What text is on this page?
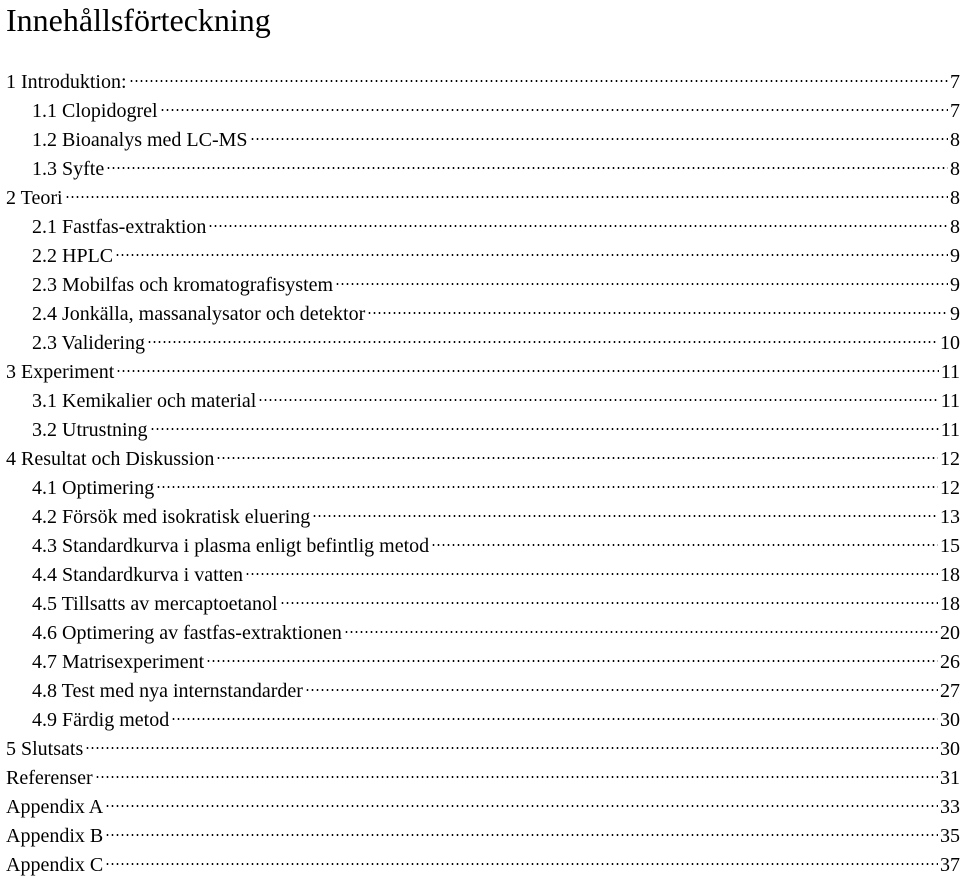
Innehållsförteckning
1 Introduktion:	7
1.1 Clopidogrel	7
1.2 Bioanalys med LC-MS	8
1.3 Syfte	8
2 Teori	8
2.1 Fastfas-extraktion	8
2.2 HPLC	9
2.3 Mobilfas och kromatografisystem	9
2.4 Jonkälla, massanalysator och detektor	9
2.3 Validering	10
3 Experiment	11
3.1 Kemikalier och material	11
3.2 Utrustning	11
4 Resultat och Diskussion	12
4.1 Optimering	12
4.2 Försök med isokratisk eluering	13
4.3 Standardkurva i plasma enligt befintlig metod	15
4.4 Standardkurva i vatten	18
4.5 Tillsatts av mercaptoetanol	18
4.6 Optimering av fastfas-extraktionen	20
4.7 Matrisexperiment	26
4.8 Test med nya internstandarder	27
4.9 Färdig metod	30
5 Slutsats	30
Referenser	31
Appendix A	33
Appendix B	35
Appendix C	37
